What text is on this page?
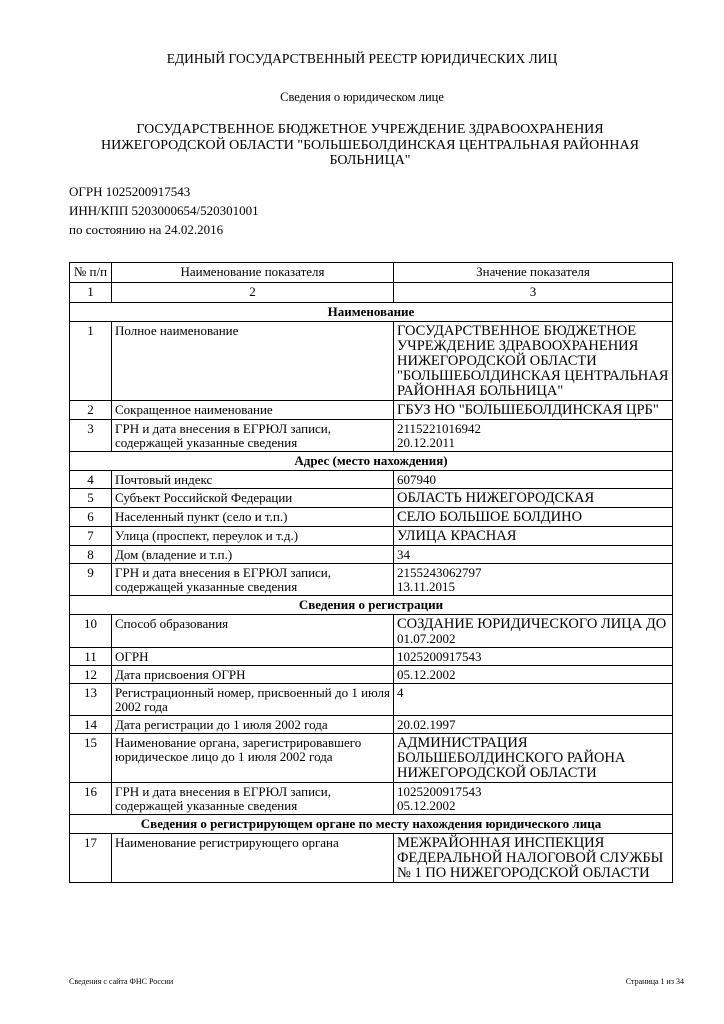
ЕДИНЫЙ ГОСУДАРСТВЕННЫЙ РЕЕСТР ЮРИДИЧЕСКИХ ЛИЦ
Сведения о юридическом лице
ГОСУДАРСТВЕННОЕ БЮДЖЕТНОЕ УЧРЕЖДЕНИЕ ЗДРАВООХРАНЕНИЯ НИЖЕГОРОДСКОЙ ОБЛАСТИ "БОЛЬШЕБОЛДИНСКАЯ ЦЕНТРАЛЬНАЯ РАЙОННАЯ БОЛЬНИЦА"
ОГРН 1025200917543
ИНН/КПП 5203000654/520301001
по состоянию на 24.02.2016
№ п/п	Наименование показателя	Значение показателя
1	2	3
Наименование		
1	Полное наименование	ГОСУДАРСТВЕННОЕ БЮДЖЕТНОЕ УЧРЕЖДЕНИЕ ЗДРАВООХРАНЕНИЯ НИЖЕГОРОДСКОЙ ОБЛАСТИ "БОЛЬШЕБОЛДИНСКАЯ ЦЕНТРАЛЬНАЯ РАЙОННАЯ БОЛЬНИЦА"
2	Сокращенное наименование	ГБУЗ НО "БОЛЬШЕБОЛДИНСКАЯ ЦРБ"
3	ГРН и дата внесения в ЕГРЮЛ записи, содержащей указанные сведения	2115221016942
20.12.2011

Адрес (место нахождения)		
4	Почтовый индекс	607940
5	Субъект Российской Федерации	ОБЛАСТЬ НИЖЕГОРОДСКАЯ
6	Населенный пункт (село и т.п.)	СЕЛО БОЛЬШОЕ БОЛДИНО
7	Улица (проспект, переулок и т.д.)	УЛИЦА КРАСНАЯ
8	Дом (владение и т.п.)	34
9	ГРН и дата внесения в ЕГРЮЛ записи, содержащей указанные сведения	2155243062797
13.11.2015

Сведения о регистрации		
10	Способ образования	СОЗДАНИЕ ЮРИДИЧЕСКОГО ЛИЦА ДО
01.07.2002

11	ОГРН	1025200917543
12	Дата присвоения ОГРН	05.12.2002
13	Регистрационный номер, присвоенный до 1 июля 2002 года	4
14	Дата регистрации до 1 июля 2002 года	20.02.1997
15	Наименование органа, зарегистрировавшего юридическое лицо до 1 июля 2002 года	АДМИНИСТРАЦИЯ БОЛЬШЕБОЛДИНСКОГО РАЙОНА НИЖЕГОРОДСКОЙ ОБЛАСТИ
16	ГРН и дата внесения в ЕГРЮЛ записи, содержащей указанные сведения	1025200917543
05.12.2002

Сведения о регистрирующем органе по месту нахождения юридического лица		
17	Наименование регистрирующего органа	МЕЖРАЙОННАЯ ИНСПЕКЦИЯ ФЕДЕРАЛЬНОЙ НАЛОГОВОЙ СЛУЖБЫ № 1 ПО НИЖЕГОРОДСКОЙ ОБЛАСТИ
Сведения с сайта ФНС России	Страница 1 из 34
